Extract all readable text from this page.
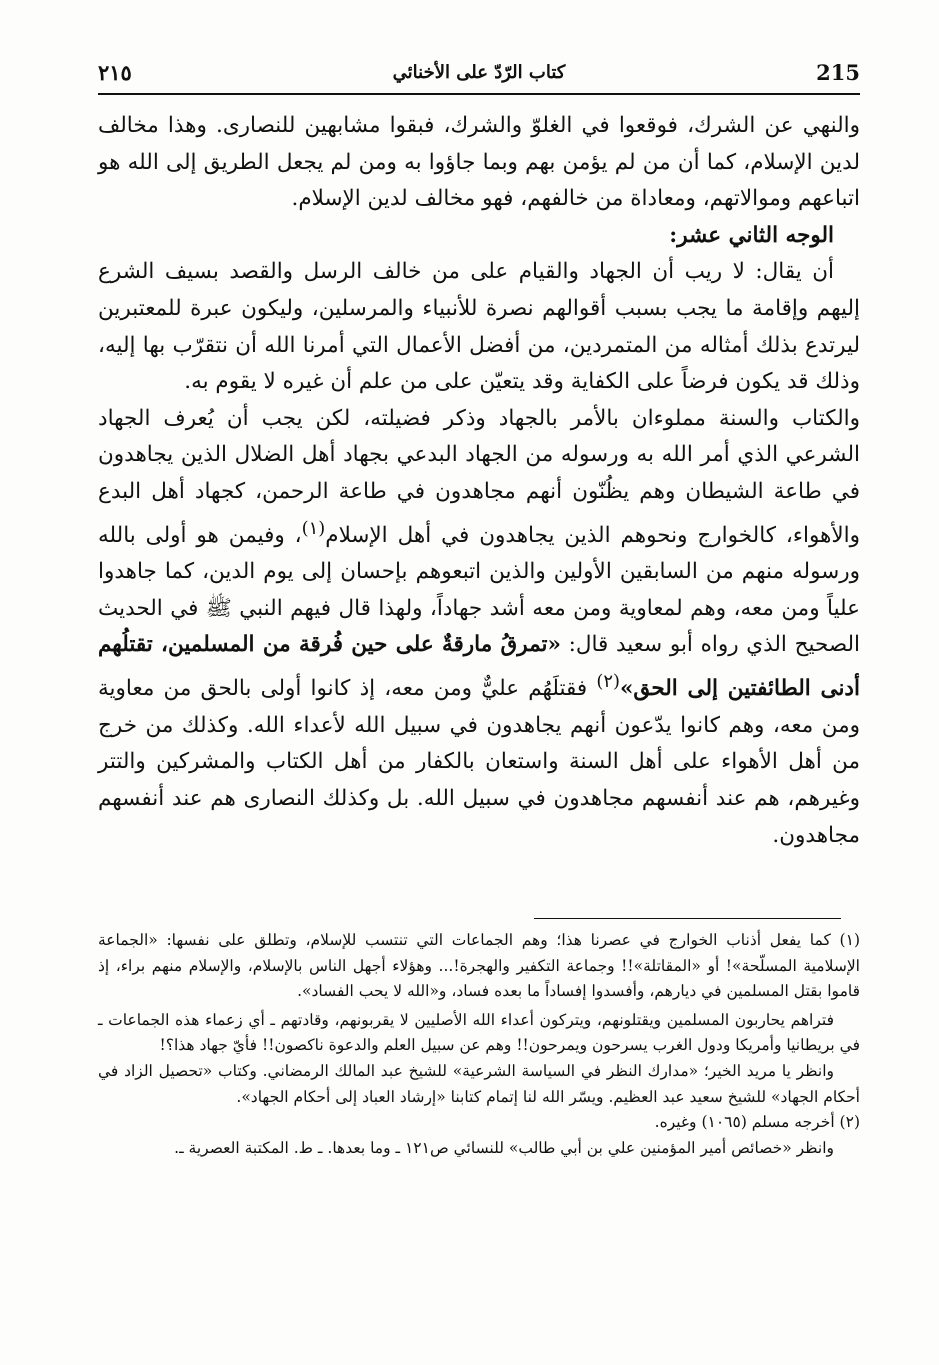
٢١٥	كتاب الرّدّ على الأخنائي	215

والنهي عن الشرك، فوقعوا في الغلوّ والشرك، فبقوا مشابهين للنصارى. وهذا مخالف لدين الإسلام، كما أن من لم يؤمن بهم وبما جاؤوا به ومن لم يجعل الطريق إلى الله هو اتباعهم وموالاتهم، ومعاداة من خالفهم، فهو مخالف لدين الإسلام.

الوجه الثاني عشر:

أن يقال: لا ريب أن الجهاد والقيام على من خالف الرسل والقصد بسيف الشرع إليهم وإقامة ما يجب بسبب أقوالهم نصرة للأنبياء والمرسلين، وليكون عبرة للمعتبرين ليرتدع بذلك أمثاله من المتمردين، من أفضل الأعمال التي أمرنا الله أن نتقرّب بها إليه، وذلك قد يكون فرضاً على الكفاية وقد يتعيّن على من علم أن غيره لا يقوم به.

والكتاب والسنة مملوءان بالأمر بالجهاد وذكر فضيلته، لكن يجب أن يُعرف الجهاد الشرعي الذي أمر الله به ورسوله من الجهاد البدعي بجهاد أهل الضلال الذين يجاهدون في طاعة الشيطان وهم يظُنّون أنهم مجاهدون في طاعة الرحمن، كجهاد أهل البدع والأهواء، كالخوارج ونحوهم الذين يجاهدون في أهل الإسلام$^{(١)}$، وفيمن هو أولى بالله ورسوله منهم من السابقين الأولين والذين اتبعوهم بإحسان إلى يوم الدين، كما جاهدوا علياً ومن معه، وهم لمعاوية ومن معه أشد جهاداً، ولهذا قال فيهم النبي ﷺ في الحديث الصحيح الذي رواه أبو سعيد قال: «تمرقُ مارقةٌ على حين فُرقة من المسلمين، تقتلُهم أدنى الطائفتين إلى الحق»$^{(٢)}$ فقتلَهُم عليٌّ ومن معه، إذ كانوا أولى بالحق من معاوية ومن معه، وهم كانوا يدّعون أنهم يجاهدون في سبيل الله لأعداء الله. وكذلك من خرج من أهل الأهواء على أهل السنة واستعان بالكفار من أهل الكتاب والمشركين والتتر وغيرهم، هم عند أنفسهم مجاهدون في سبيل الله. بل وكذلك النصارى هم عند أنفسهم مجاهدون.

(١) كما يفعل أذناب الخوارج في عصرنا هذا؛ وهم الجماعات التي تنتسب للإسلام، وتطلق على نفسها: «الجماعة الإسلامية المسلّحة»! أو «المقاتلة»!! وجماعة التكفير والهجرة!... وهؤلاء أجهل الناس بالإسلام، والإسلام منهم براء، إذ قاموا بقتل المسلمين في ديارهم، وأفسدوا إفساداً ما بعده فساد، و«الله لا يحب الفساد».

فتراهم يحاربون المسلمين ويقتلونهم، ويتركون أعداء الله الأصليين لا يقربونهم، وقادتهم ـ أي زعماء هذه الجماعات ـ في بريطانيا وأمريكا ودول الغرب يسرحون ويمرحون!! وهم عن سبيل العلم والدعوة ناكصون!! فأيّ جهاد هذا؟!

وانظر يا مريد الخير؛ «مدارك النظر في السياسة الشرعية» للشيخ عبد المالك الرمضاني. وكتاب «تحصيل الزاد في أحكام الجهاد» للشيخ سعيد عبد العظيم. ويسّر الله لنا إتمام كتابنا «إرشاد العباد إلى أحكام الجهاد».

(٢) أخرجه مسلم (١٠٦٥) وغيره.

وانظر «خصائص أمير المؤمنين علي بن أبي طالب» للنسائي ص١٢١ ـ وما بعدها. ـ ط. المكتبة العصرية ـ.
